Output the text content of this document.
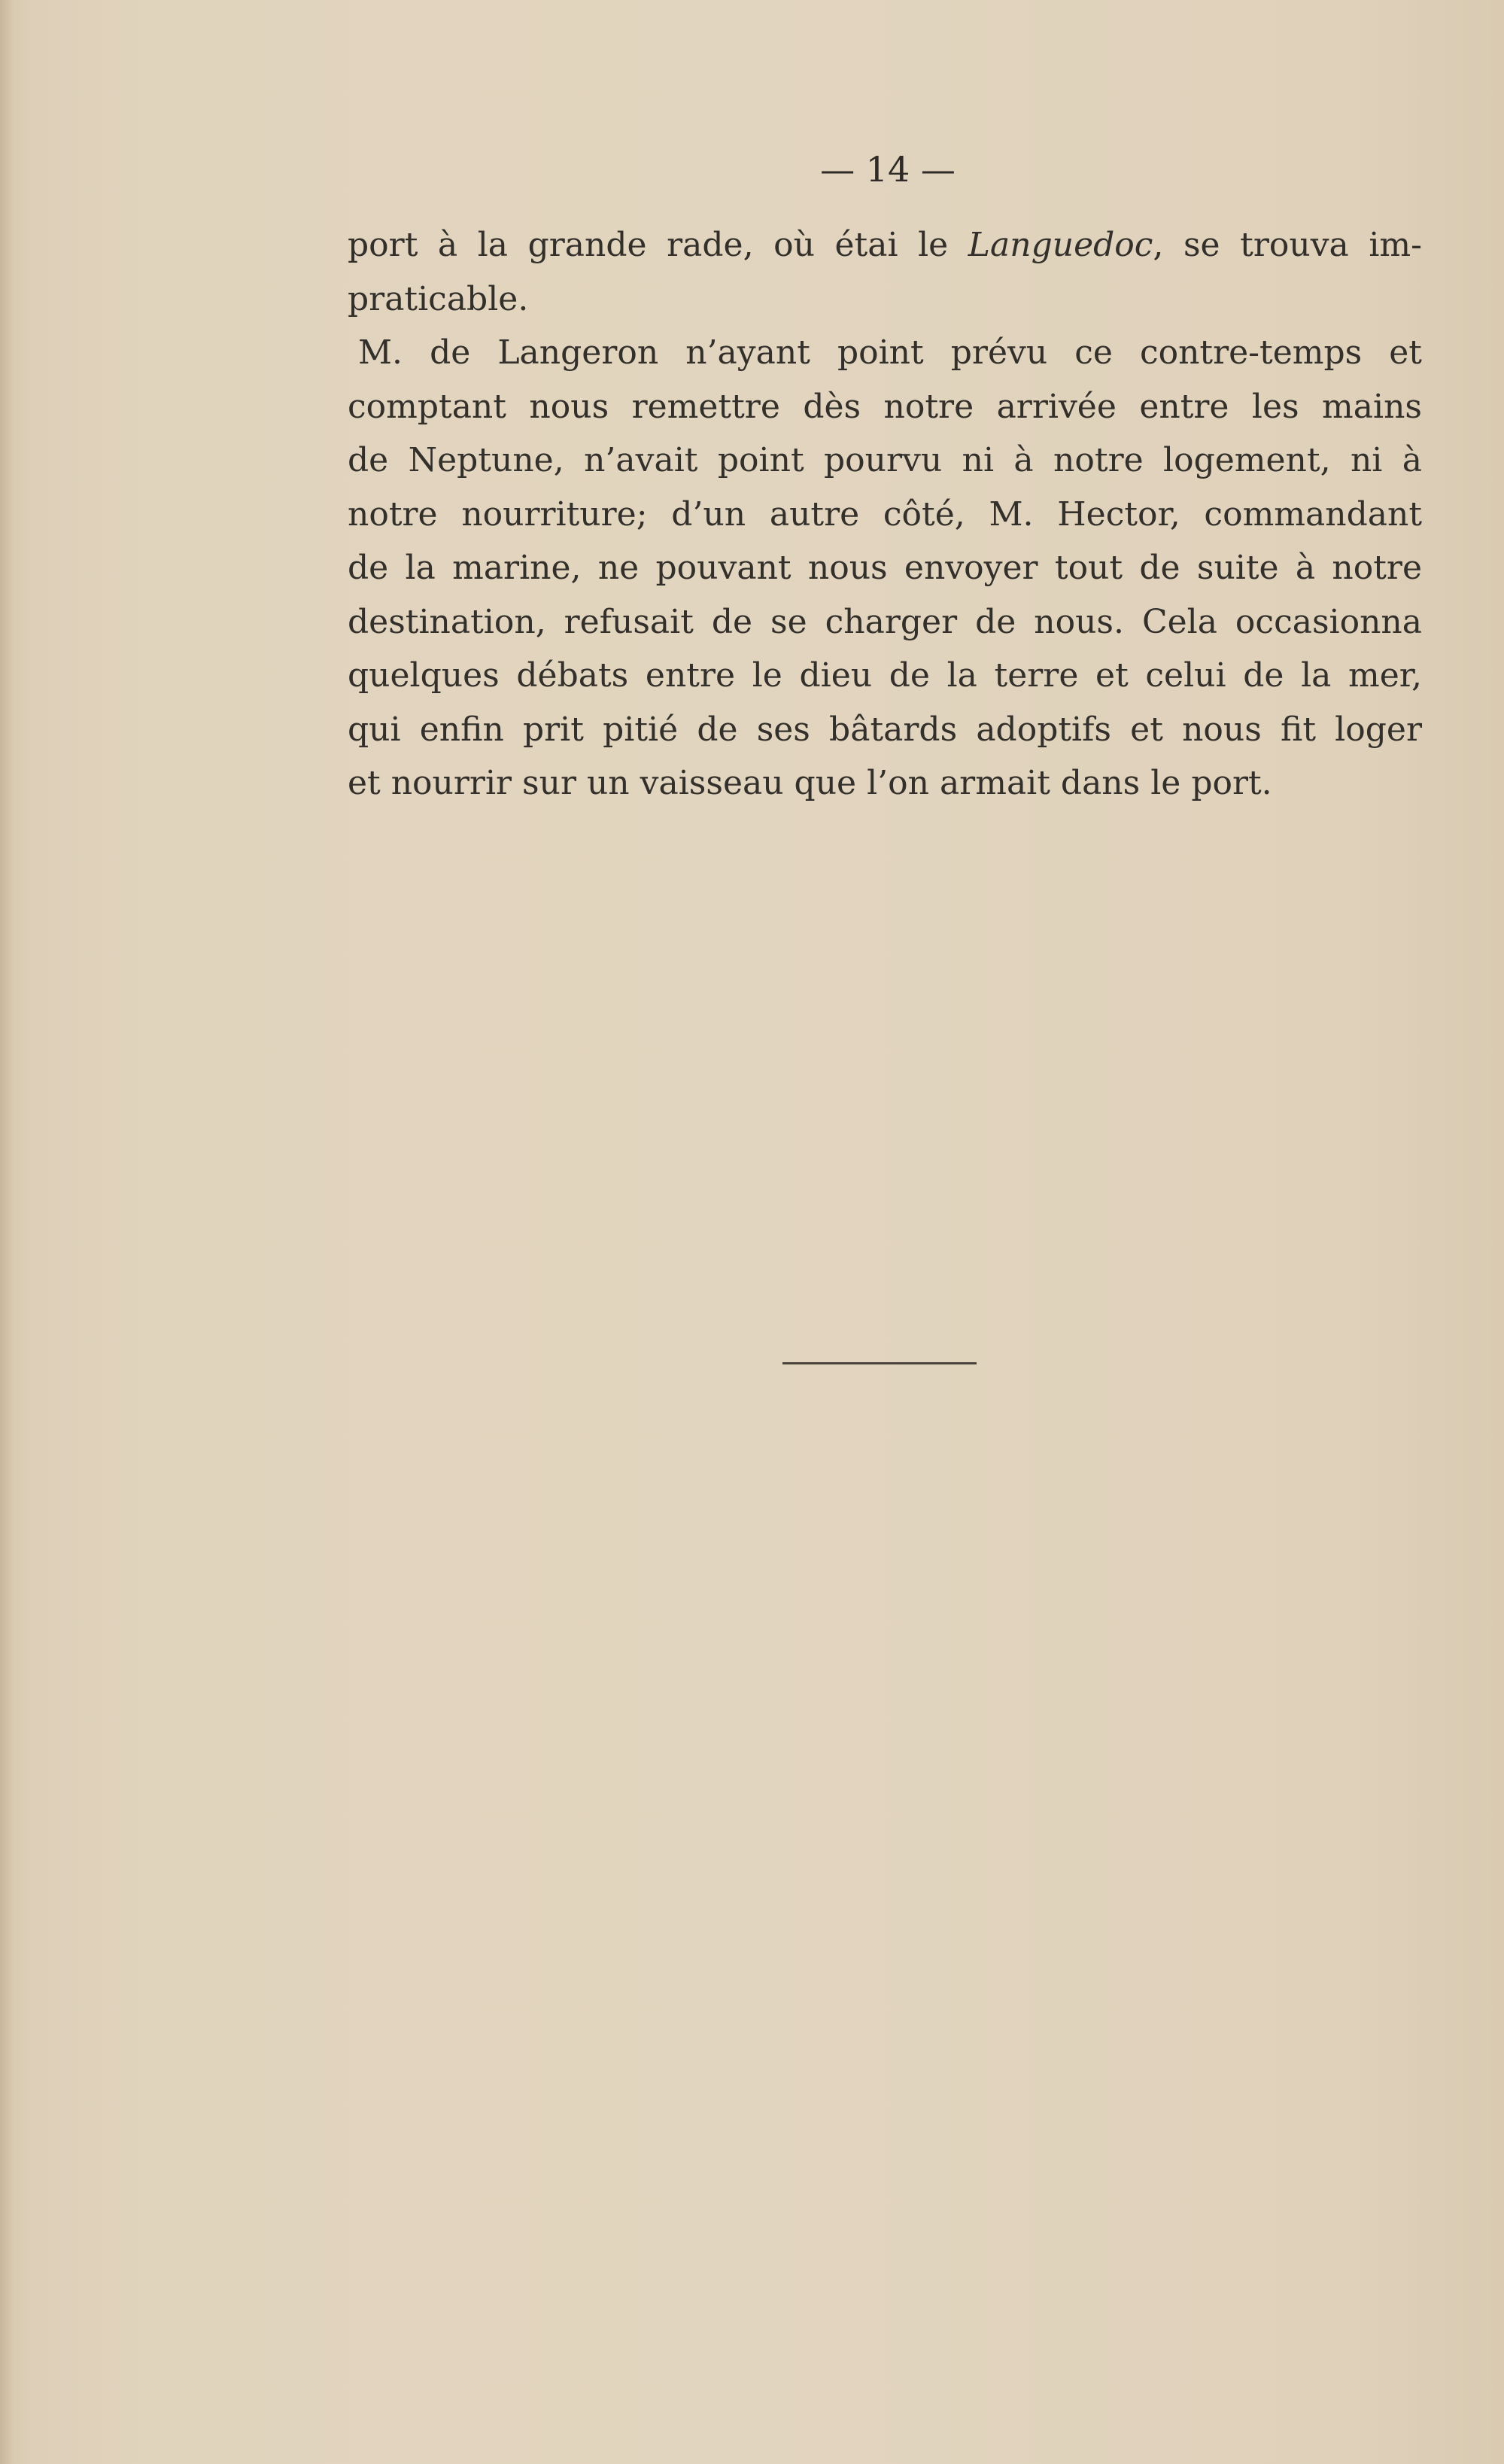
— 14 —
port à la grande rade, où étai le Languedoc, se trouva im-
praticable.
M. de Langeron n’ayant point prévu ce contre-temps et
comptant nous remettre dès notre arrivée entre les mains
de Neptune, n’avait point pourvu ni à notre logement, ni à
notre nourriture; d’un autre côté, M. Hector, commandant
de la marine, ne pouvant nous envoyer tout de suite à notre
destination, refusait de se charger de nous. Cela occasionna
quelques débats entre le dieu de la terre et celui de la mer,
qui enfin prit pitié de ses bâtards adoptifs et nous fit loger
et nourrir sur un vaisseau que l’on armait dans le port.
